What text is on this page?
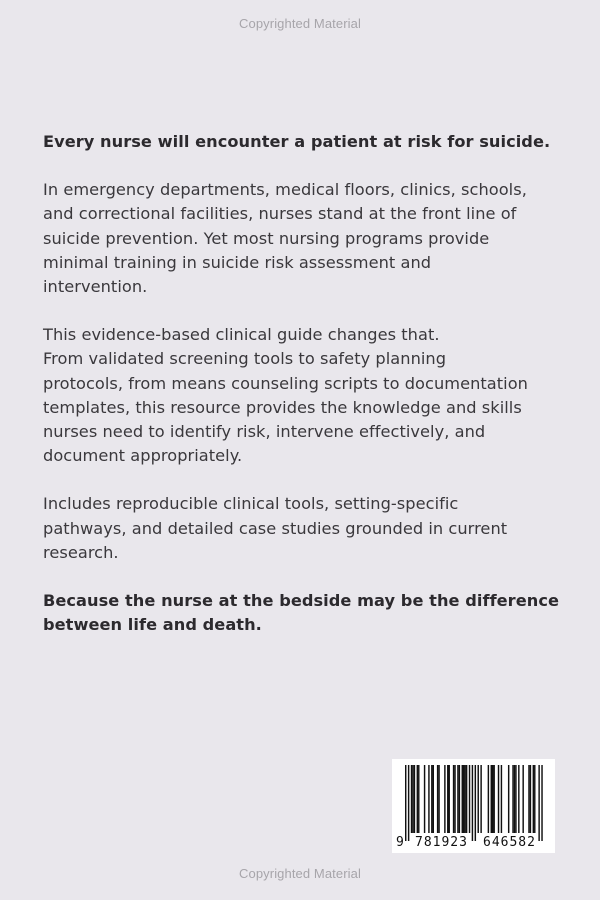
Copyrighted Material

Every nurse will encounter a patient at risk for suicide.

In emergency departments, medical floors, clinics, schools,
and correctional facilities, nurses stand at the front line of
suicide prevention. Yet most nursing programs provide
minimal training in suicide risk assessment and
intervention.

This evidence-based clinical guide changes that.
From validated screening tools to safety planning
protocols, from means counseling scripts to documentation
templates, this resource provides the knowledge and skills
nurses need to identify risk, intervene effectively, and
document appropriately.

Includes reproducible clinical tools, setting-specific
pathways, and detailed case studies grounded in current
research.

Because the nurse at the bedside may be the difference
between life and death.

9 781923 646582
Copyrighted Material
